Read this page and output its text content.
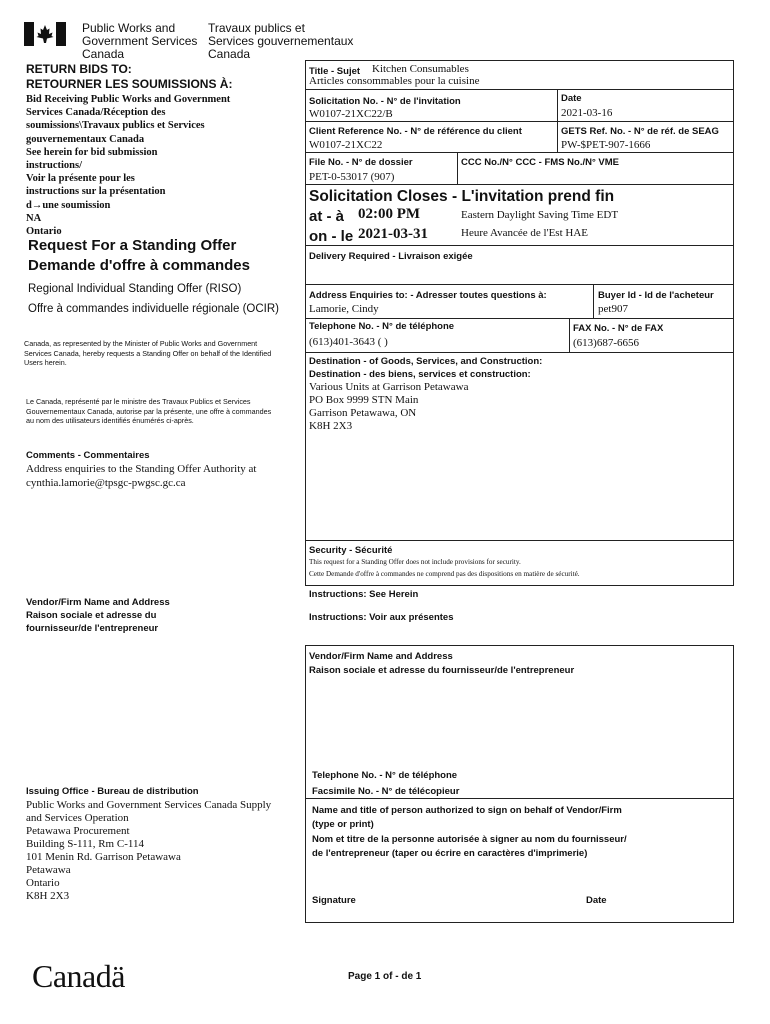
Public Works and
Government Services
Canada
Travaux publics et
Services gouvernementaux
Canada
RETURN BIDS TO:
RETOURNER LES SOUMISSIONS À:
Bid Receiving Public Works and Government
Services Canada/Réception des
soumissions\Travaux publics et Services
gouvernementaux Canada
See herein for bid submission
instructions/
Voir la présente pour les
instructions sur la présentation
d→une soumission
NA
Ontario
Request For a Standing Offer
Demande d'offre à commandes
Regional Individual Standing Offer (RISO)
Offre à commandes individuelle régionale (OCIR)
Canada, as represented by the Minister of Public Works and Government Services Canada, hereby requests a Standing Offer on behalf of the Identified Users herein.
Le Canada, représenté par le ministre des Travaux Publics et Services Gouvernementaux Canada, autorise par la présente, une offre à commandes au nom des utilisateurs identifiés énumérés ci-après.
Comments - Commentaires
Address enquiries to the Standing Offer Authority at
cynthia.lamorie@tpsgc-pwgsc.gc.ca
Vendor/Firm Name and Address
Raison sociale et adresse du
fournisseur/de l'entrepreneur
Issuing Office - Bureau de distribution
Public Works and Government Services Canada Supply
and Services Operation
Petawawa Procurement
Building S-111, Rm C-114
101 Menin Rd. Garrison Petawawa
Petawawa
Ontario
K8H 2X3
Title - Sujet Kitchen Consumables
Articles consommables pour la cuisine
Solicitation No. - N° de l'invitation
W0107-21XC22/B
Date
2021-03-16
Client Reference No. - N° de référence du client
W0107-21XC22
GETS Ref. No. - N° de réf. de SEAG
PW-$PET-907-1666
File No. - N° de dossier
PET-0-53017 (907)
CCC No./N° CCC - FMS No./N° VME
Solicitation Closes - L'invitation prend fin
at - à 02:00 PM	Eastern Daylight Saving Time EDT
on - le 2021-03-31	Heure Avancée de l'Est HAE
Delivery Required - Livraison exigée
Address Enquiries to: - Adresser toutes questions à:
Lamorie, Cindy
Buyer Id - Id de l'acheteur
pet907
Telephone No. - N° de téléphone
(613)401-3643 ( )
FAX No. - N° de FAX
(613)687-6656
Destination - of Goods, Services, and Construction:
Destination - des biens, services et construction:
Various Units at Garrison Petawawa
PO Box 9999 STN Main
Garrison Petawawa, ON
K8H 2X3
Security - Sécurité
This request for a Standing Offer does not include provisions for security.
Cette Demande d'offre à commandes ne comprend pas des dispositions en matière de sécurité.
Instructions: See Herein
Instructions: Voir aux présentes
Vendor/Firm Name and Address
Raison sociale et adresse du fournisseur/de l'entrepreneur
Telephone No. - N° de téléphone
Facsimile No. - N° de télécopieur
Name and title of person authorized to sign on behalf of Vendor/Firm
(type or print)
Nom et titre de la personne autorisée à signer au nom du fournisseur/
de l'entrepreneur (taper ou écrire en caractères d'imprimerie)
Signature	Date
Canadä	Page 1 of - de 1
